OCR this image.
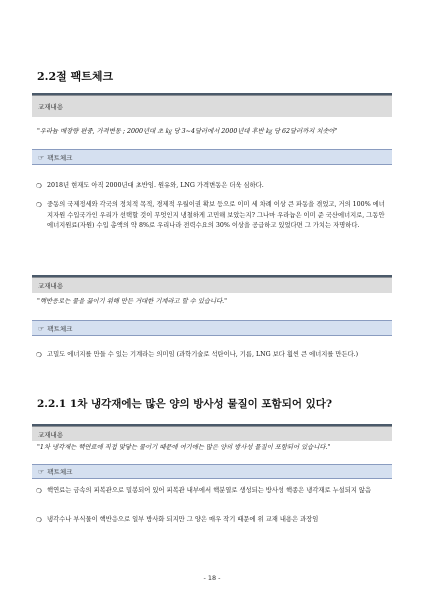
2.2절 팩트체크
교재내용
"우라늄 매장량 편중, 가격변동 ; 2000년대 초 ㎏ 당 3~4달러에서 2000년대 후반 ㎏ 당 62달러까지 치솟아"
☞ 팩트체크
❍ 2018년 현재도 아직 2000년대 초반임. 원유와, LNG 가격변동은 더욱 심하다.
❍ 중동의 국제정세와 각국의 정치적 목적, 경제적 우월이권 확보 등으로 이미 세 차례 이상 큰 파동을 겪었고, 거의 100% 에너지자원 수입국가인 우리가 선택할 것이 무엇인지 냉철하게 고민해 보았는지? 그나마 우라늄은 이미 준 국산에너지로, 그동안 에너지원료(자원) 수입 총액의 약 8%로 우리나라 전력수요의 30% 이상을 공급하고 있었다면 그 가치는 자명하다.
교재내용
"핵반응로는 물을 끓이기 위해 만든 거대한 기계라고 할 수 있습니다."
☞ 팩트체크
❍ 고밀도 에너지를 만들 수 있는 기계라는 의미임 (과학기술로 석탄이나, 기름, LNG 보다 훨씬 큰 에너지를 만든다.)
2.2.1 1차 냉각재에는 많은 양의 방사성 물질이 포함되어 있다?
교재내용
"1차 냉각재는 핵연료에 직접 맞닿는 물이기 때문에 여기에는 많은 양의 방사성 물질이 포함되어 있습니다."
☞ 팩트체크
❍ 핵연료는 금속의 피복관으로 밀봉되어 있어 피복관 내부에서 핵분열로 생성되는 방사성 핵종은 냉각재로 누설되지 않음
❍ 냉각수나 부식물이 핵반응으로 일부 방사화 되지만 그 양은 매우 작기 때문에 위 교재 내용은 과장임
- 18 -
